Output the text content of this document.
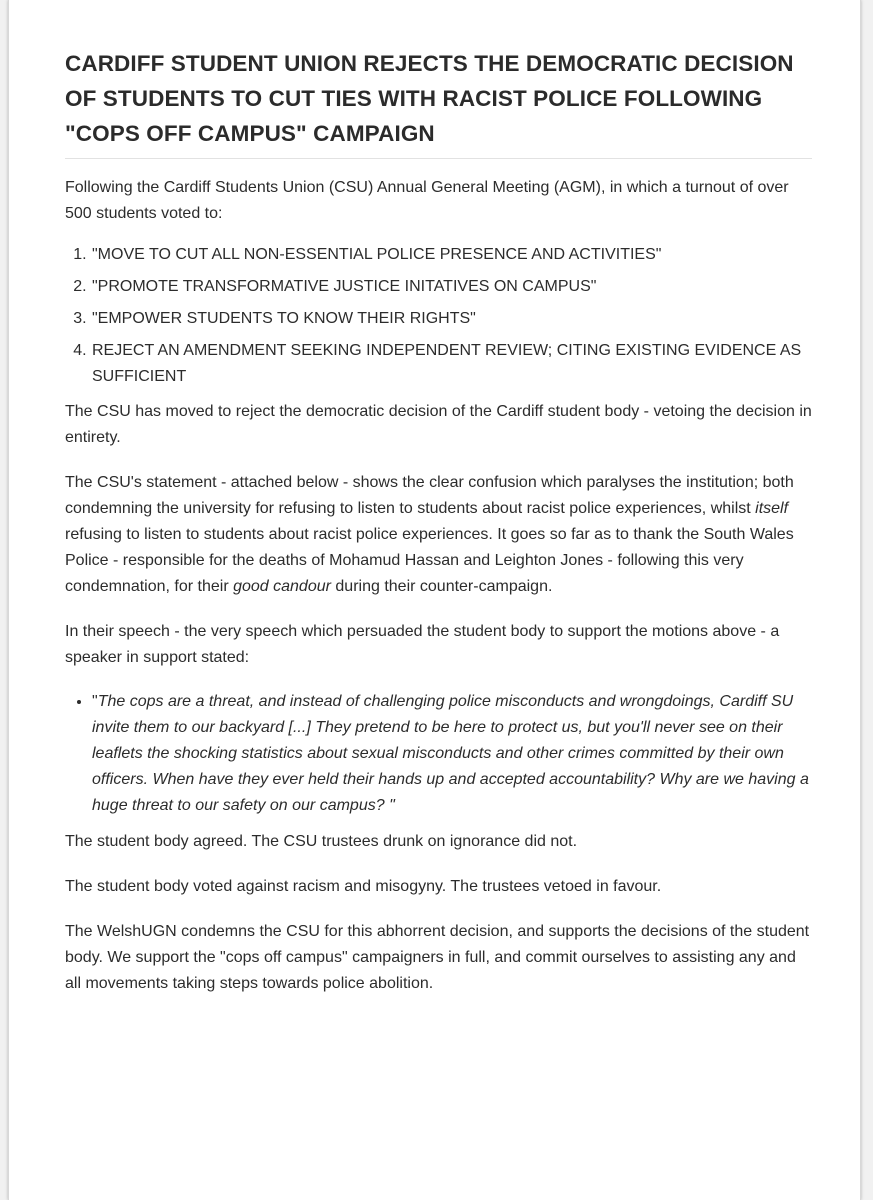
CARDIFF STUDENT UNION REJECTS THE DEMOCRATIC DECISION OF STUDENTS TO CUT TIES WITH RACIST POLICE FOLLOWING "COPS OFF CAMPUS" CAMPAIGN

Following the Cardiff Students Union (CSU) Annual General Meeting (AGM), in which a turnout of over 500 students voted to:

1. "MOVE TO CUT ALL NON-ESSENTIAL POLICE PRESENCE AND ACTIVITIES"
2. "PROMOTE TRANSFORMATIVE JUSTICE INITATIVES ON CAMPUS"
3. "EMPOWER STUDENTS TO KNOW THEIR RIGHTS"
4. REJECT AN AMENDMENT SEEKING INDEPENDENT REVIEW; CITING EXISTING EVIDENCE AS SUFFICIENT

The CSU has moved to reject the democratic decision of the Cardiff student body - vetoing the decision in entirety.

The CSU's statement - attached below - shows the clear confusion which paralyses the institution; both condemning the university for refusing to listen to students about racist police experiences, whilst itself refusing to listen to students about racist police experiences. It goes so far as to thank the South Wales Police - responsible for the deaths of Mohamud Hassan and Leighton Jones - following this very condemnation, for their good candour during their counter-campaign.

In their speech - the very speech which persuaded the student body to support the motions above - a speaker in support stated:

• "The cops are a threat, and instead of challenging police misconducts and wrongdoings, Cardiff SU invite them to our backyard [...] They pretend to be here to protect us, but you'll never see on their leaflets the shocking statistics about sexual misconducts and other crimes committed by their own officers. When have they ever held their hands up and accepted accountability? Why are we having a huge threat to our safety on our campus? "

The student body agreed. The CSU trustees drunk on ignorance did not.

The student body voted against racism and misogyny. The trustees vetoed in favour.

The WelshUGN condemns the CSU for this abhorrent decision, and supports the decisions of the student body. We support the "cops off campus" campaigners in full, and commit ourselves to assisting any and all movements taking steps towards police abolition.
